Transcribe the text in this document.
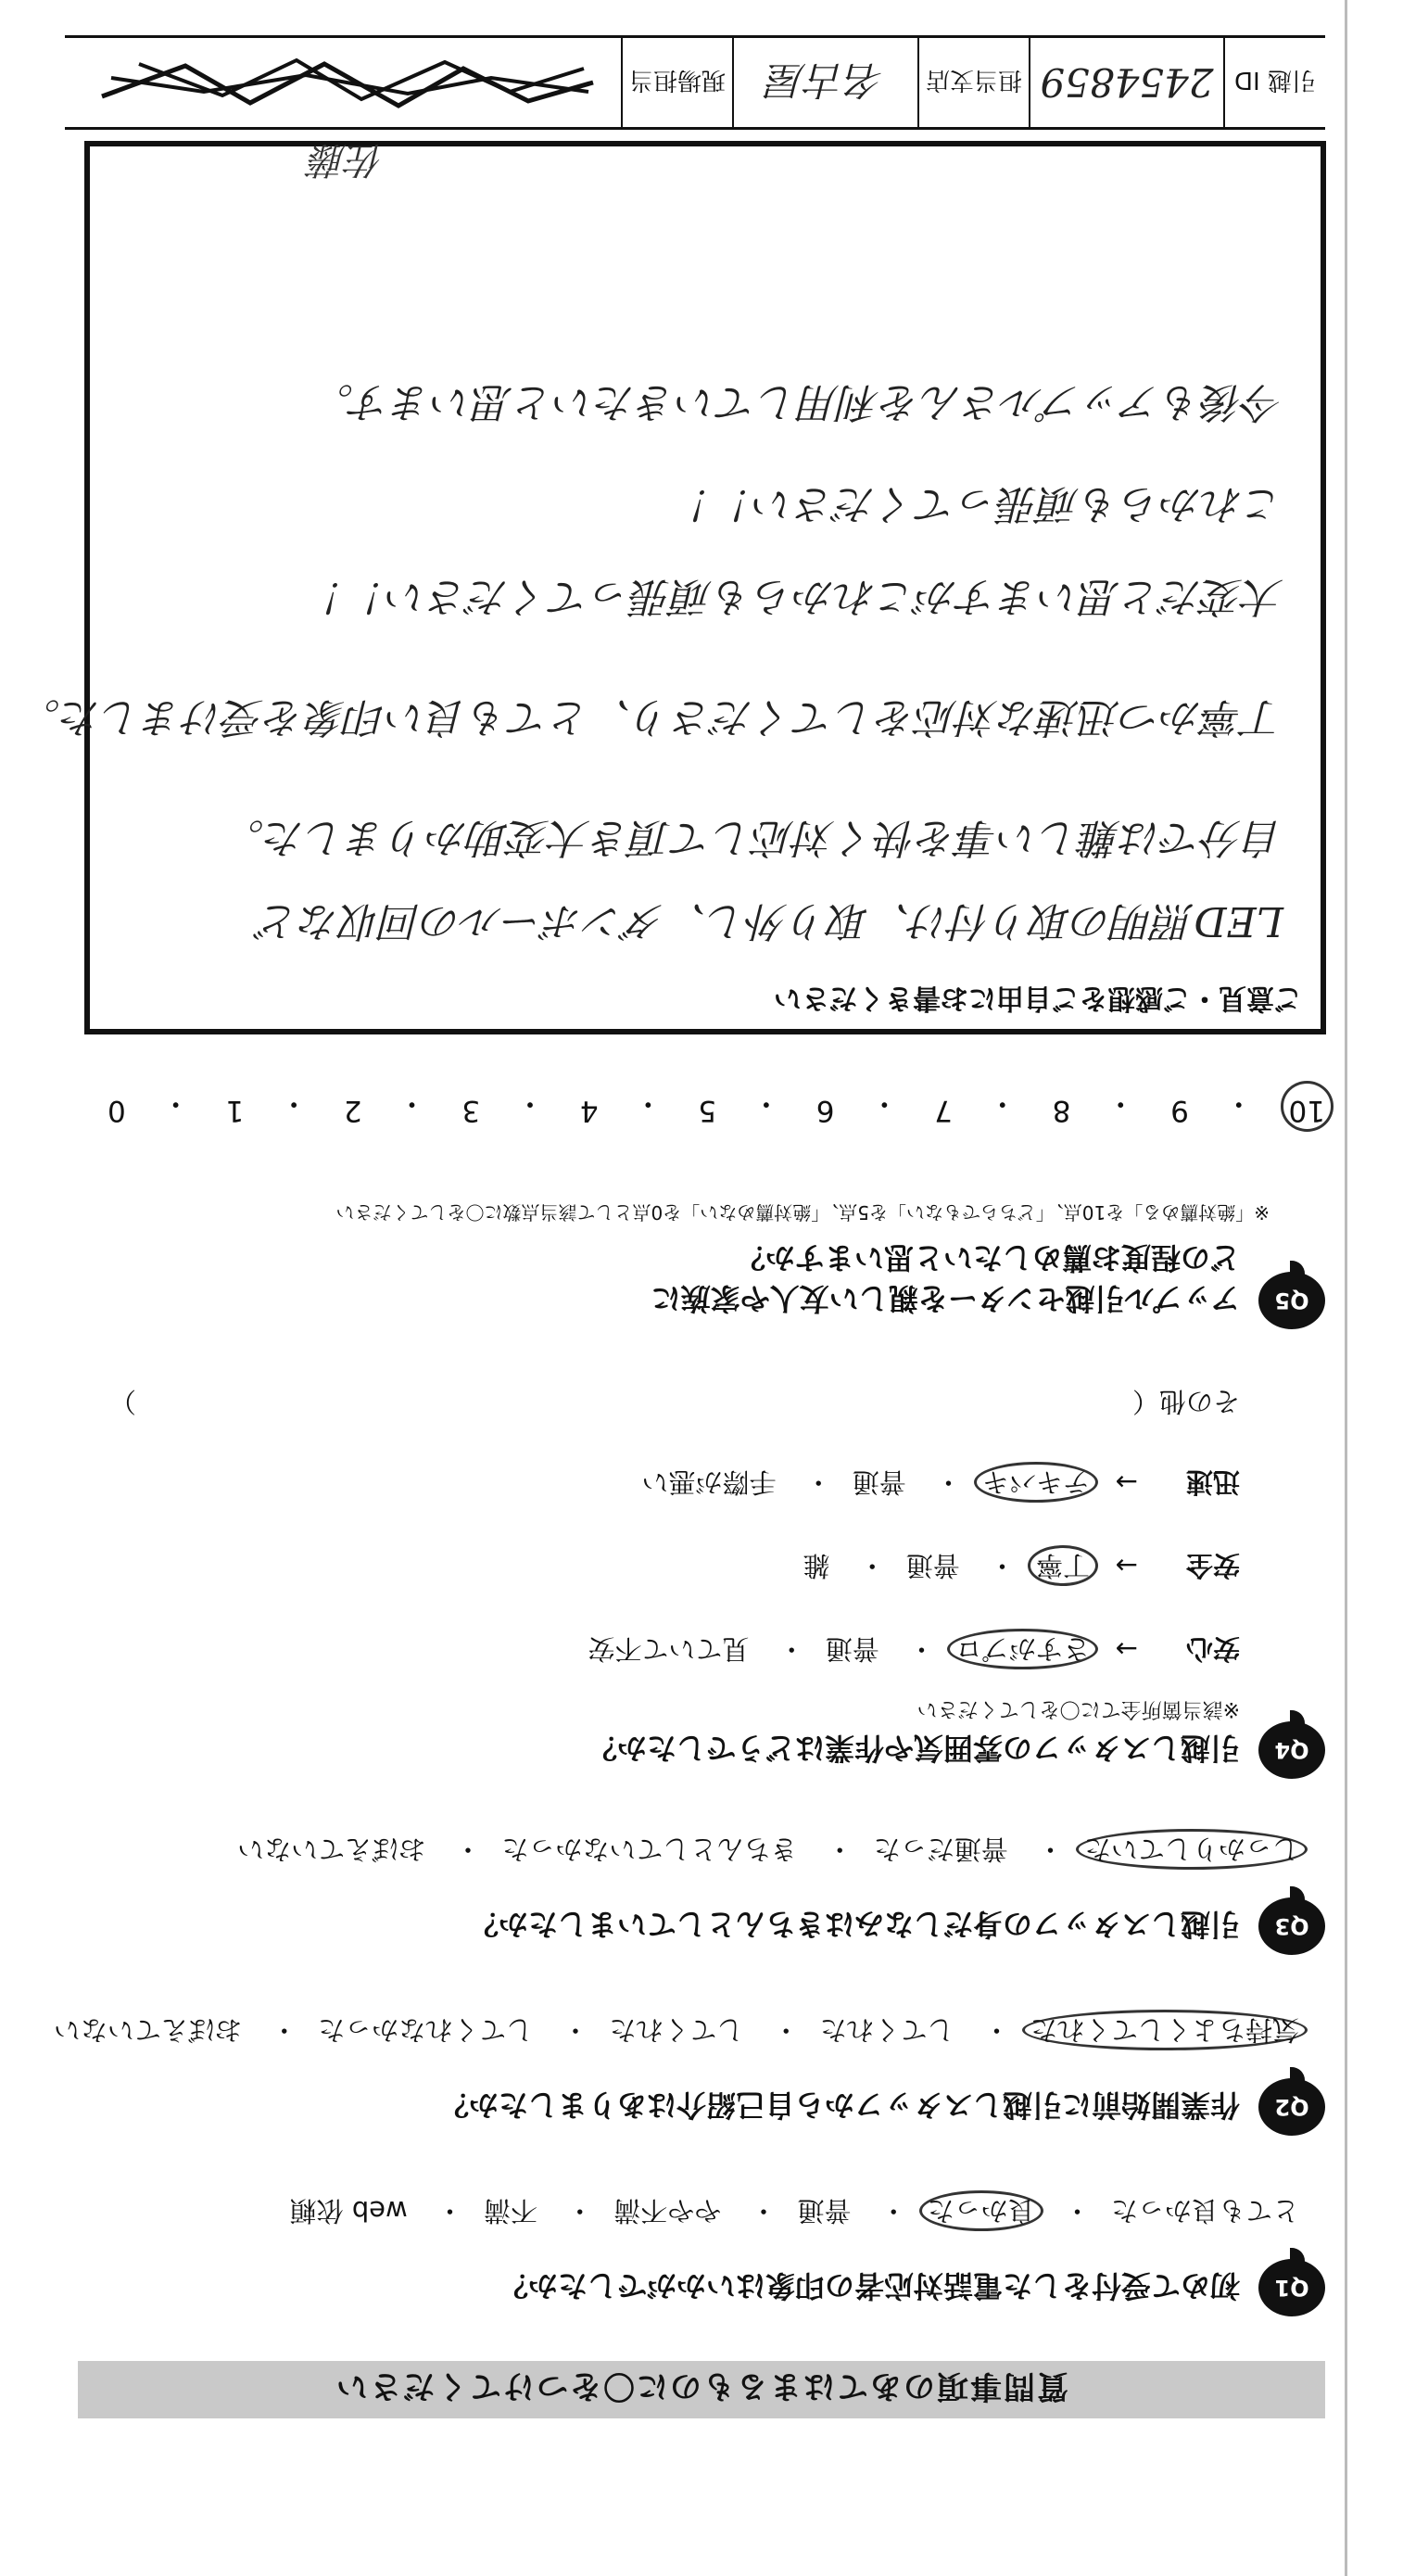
質問事項のあてはまるものに〇をつけてください
Q1
初めて受付をした電話対応者の印象はいかがでしたか？
とても良かった・ 良かった・ 普通・ やや不満・ 不満・ web 依頼
Q2
作業開始前に引越しスタッフから自己紹介はありましたか？
気持ちよくしてくれた・ してくれた・ してくれた・ してくれなかった・ おぼえていない
Q3
引越しスタッフの身だしなみはきちんとしていましたか？
しっかりしていた・ 普通だった・ きちんとしていなかった・ おぼえていない
Q4
引越しスタッフの雰囲気や作業はどうでしたか？
※該当箇所全てに〇をしてください
安心→   さすがプロ・ 普通・ 見ていて不安
安全→   丁寧・ 普通・ 雑
迅速→   テキパキ・ 普通・ 手際が悪い
その他（
）
Q5
アップル引越センターを親しい友人や家族に
どの程度お薦めしたいと思いますか？
※「絶対薦める」を10点、「どちらでもない」を5点、「絶対薦めない」を0点として該当点数に〇をしてください
10
・
9
・
8
・
7
・
6
・
5
・
4
・
3
・
2
・
1
・
0
ご意見・ご感想をご自由にお書きください
LED照明の取り付け、取り外し、ダンボールの回収など
自分では難しい事を快く対応して頂き大変助かりました。
丁寧かつ迅速な対応をしてくださり、とても良い印象を受けました。
大変だと思いますがこれからも頑張ってください！！
これからも頑張ってください！！
今後もアップルさんを利用していきたいと思います。
佐藤
引越 ID
2454859
担当支店
名古屋
現場担当
